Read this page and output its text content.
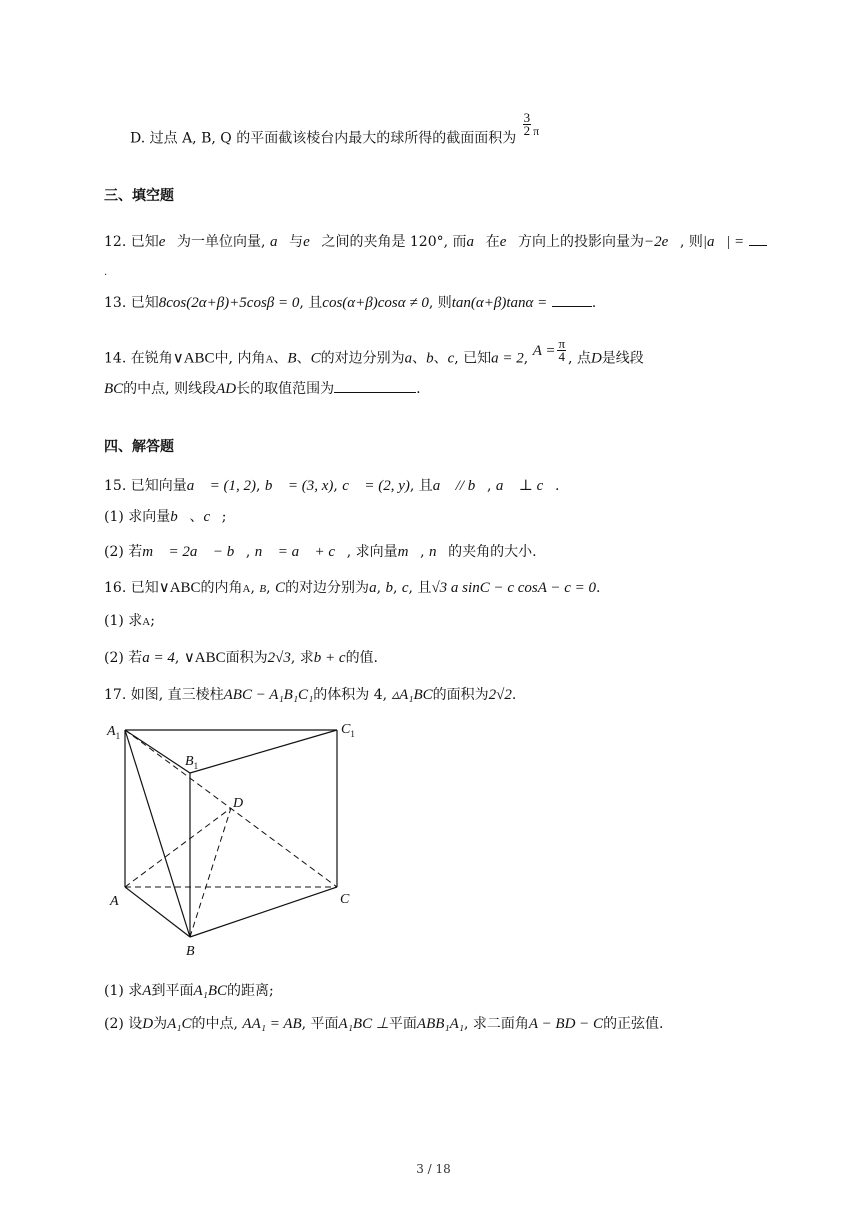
D. 过点 A, B, Q 的平面截该棱台内最大的球所得的截面面积为
$\frac{3}{2}$ π
三、填空题
12. 已知e⃗为一单位向量, a⃗与e⃗之间的夹角是 120°, 而a⃗在e⃗方向上的投影向量为−2e⃗, 则|a⃗| =
.
13. 已知8cos(2α+β)+5cosβ = 0, 且cos(α+β)cosα ≠ 0, 则tan(α+β)tanα =	.
14. 在锐角∨ABC中, 内角A、B、C的对边分别为a、b、c, 已知a = 2, $A = \frac{\pi}{4}$ , 点D是线段
BC的中点, 则线段AD长的取值范围为	.
四、解答题
15. 已知向量a⃗ = (1, 2), b⃗ = (3, x), c⃗ = (2, y), 且a⃗ // b⃗, a⃗ ⊥ c⃗.
(1) 求向量b⃗、c⃗;
(2) 若m⃗ = 2a⃗ − b⃗, n⃗ = a⃗ + c⃗, 求向量m⃗, n⃗的夹角的大小.
16. 已知∨ABC的内角A, B, C的对边分别为a, b, c, 且√3 a sinC − c cosA − c = 0.
(1) 求A;
(2) 若a = 4, ∨ABC面积为2√3, 求b + c的值.
17. 如图, 直三棱柱ABC − A₁B₁C₁的体积为 4, ▵A₁BC的面积为2√2.
$A_1$
$B_1$
$C_1$
D
A
B
C
(1) 求A到平面A₁BC的距离;
(2) 设D为A₁C的中点, AA₁ = AB, 平面A₁BC ⊥平面ABB₁A₁, 求二面角A − BD − C的正弦值.
3 / 18
